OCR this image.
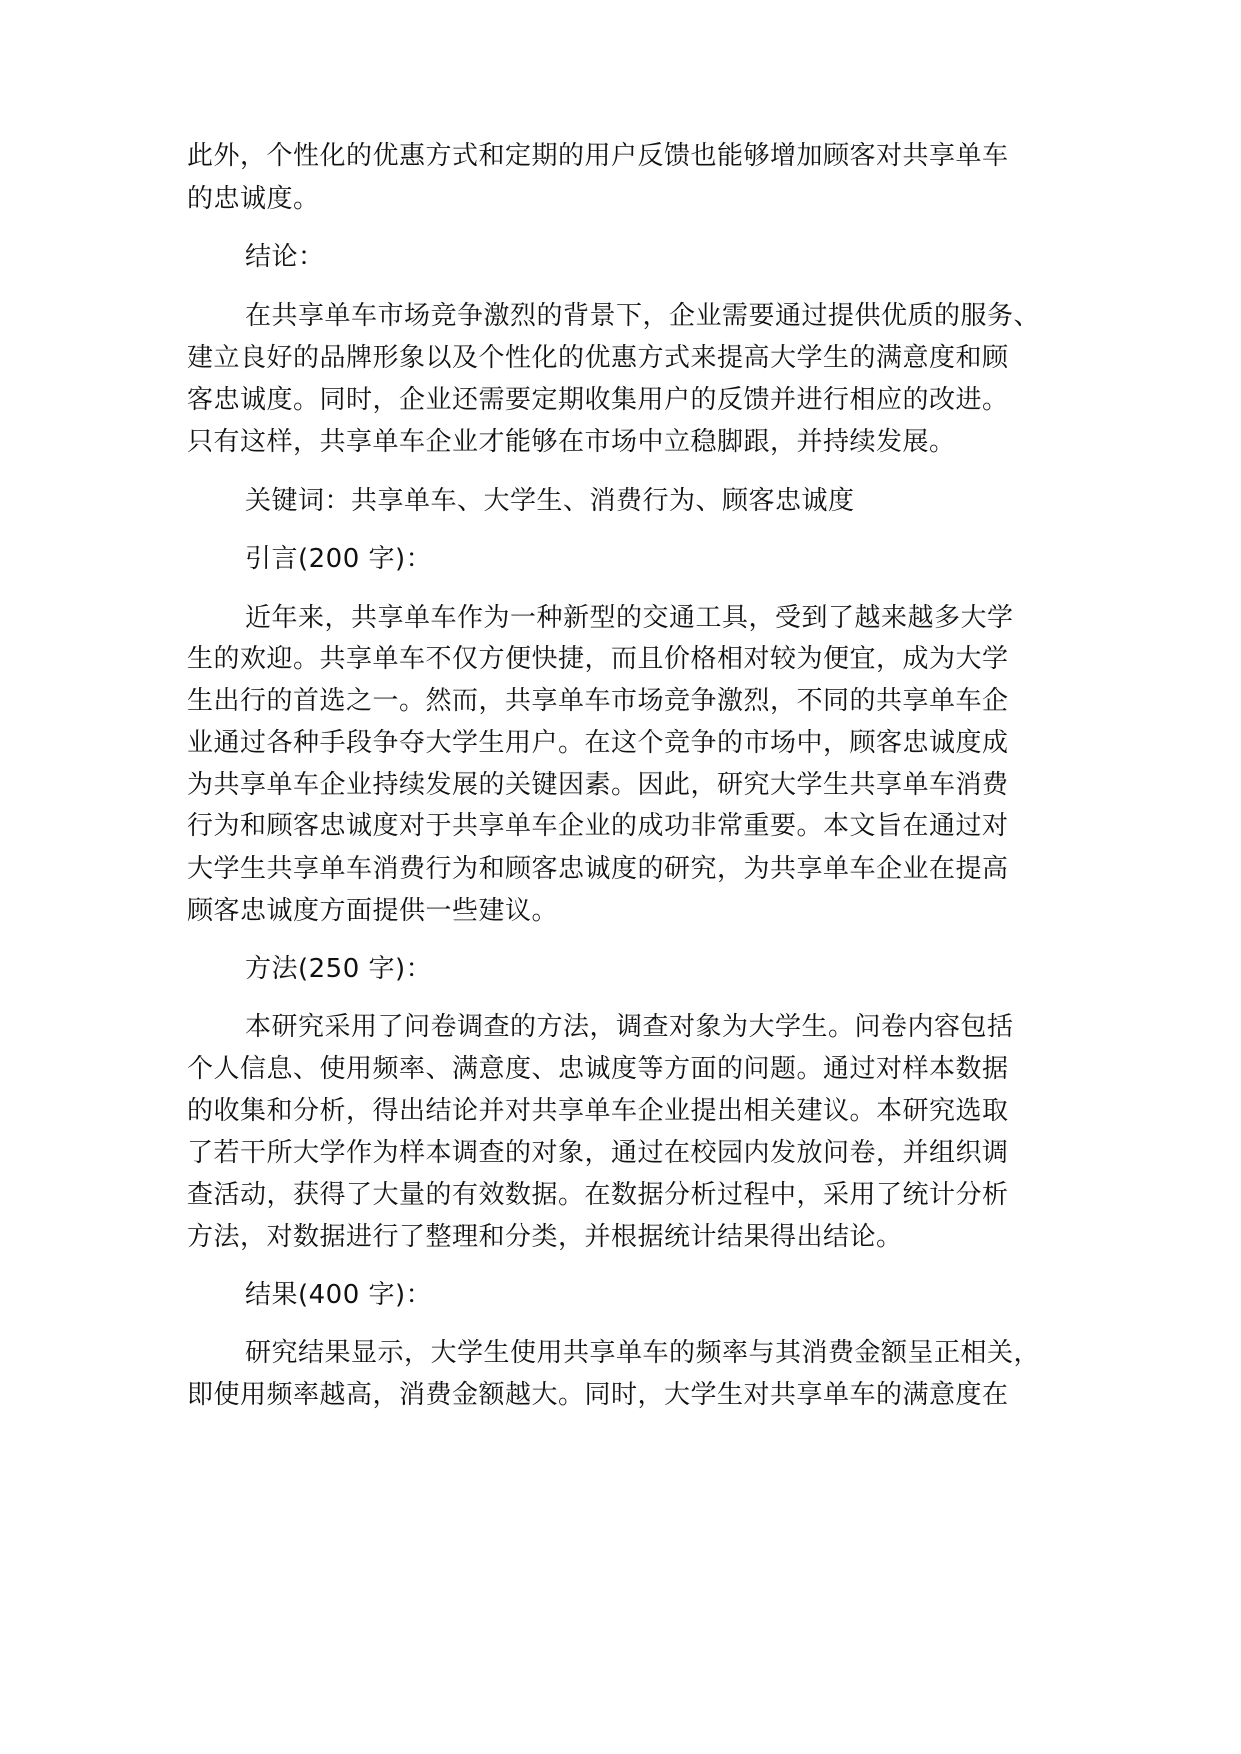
此外，个性化的优惠方式和定期的用户反馈也能够增加顾客对共享单车

的忠诚度。

结论：

在共享单车市场竞争激烈的背景下，企业需要通过提供优质的服务、

建立良好的品牌形象以及个性化的优惠方式来提高大学生的满意度和顾

客忠诚度。同时，企业还需要定期收集用户的反馈并进行相应的改进。

只有这样，共享单车企业才能够在市场中立稳脚跟，并持续发展。

关键词：共享单车、大学生、消费行为、顾客忠诚度

引言(200 字)：

近年来，共享单车作为一种新型的交通工具，受到了越来越多大学

生的欢迎。共享单车不仅方便快捷，而且价格相对较为便宜，成为大学

生出行的首选之一。然而，共享单车市场竞争激烈，不同的共享单车企

业通过各种手段争夺大学生用户。在这个竞争的市场中，顾客忠诚度成

为共享单车企业持续发展的关键因素。因此，研究大学生共享单车消费

行为和顾客忠诚度对于共享单车企业的成功非常重要。本文旨在通过对

大学生共享单车消费行为和顾客忠诚度的研究，为共享单车企业在提高

顾客忠诚度方面提供一些建议。

方法(250 字)：

本研究采用了问卷调查的方法，调查对象为大学生。问卷内容包括

个人信息、使用频率、满意度、忠诚度等方面的问题。通过对样本数据

的收集和分析，得出结论并对共享单车企业提出相关建议。本研究选取

了若干所大学作为样本调查的对象，通过在校园内发放问卷，并组织调

查活动，获得了大量的有效数据。在数据分析过程中，采用了统计分析

方法，对数据进行了整理和分类，并根据统计结果得出结论。

结果(400 字)：

研究结果显示，大学生使用共享单车的频率与其消费金额呈正相关，

即使用频率越高，消费金额越大。同时，大学生对共享单车的满意度在
